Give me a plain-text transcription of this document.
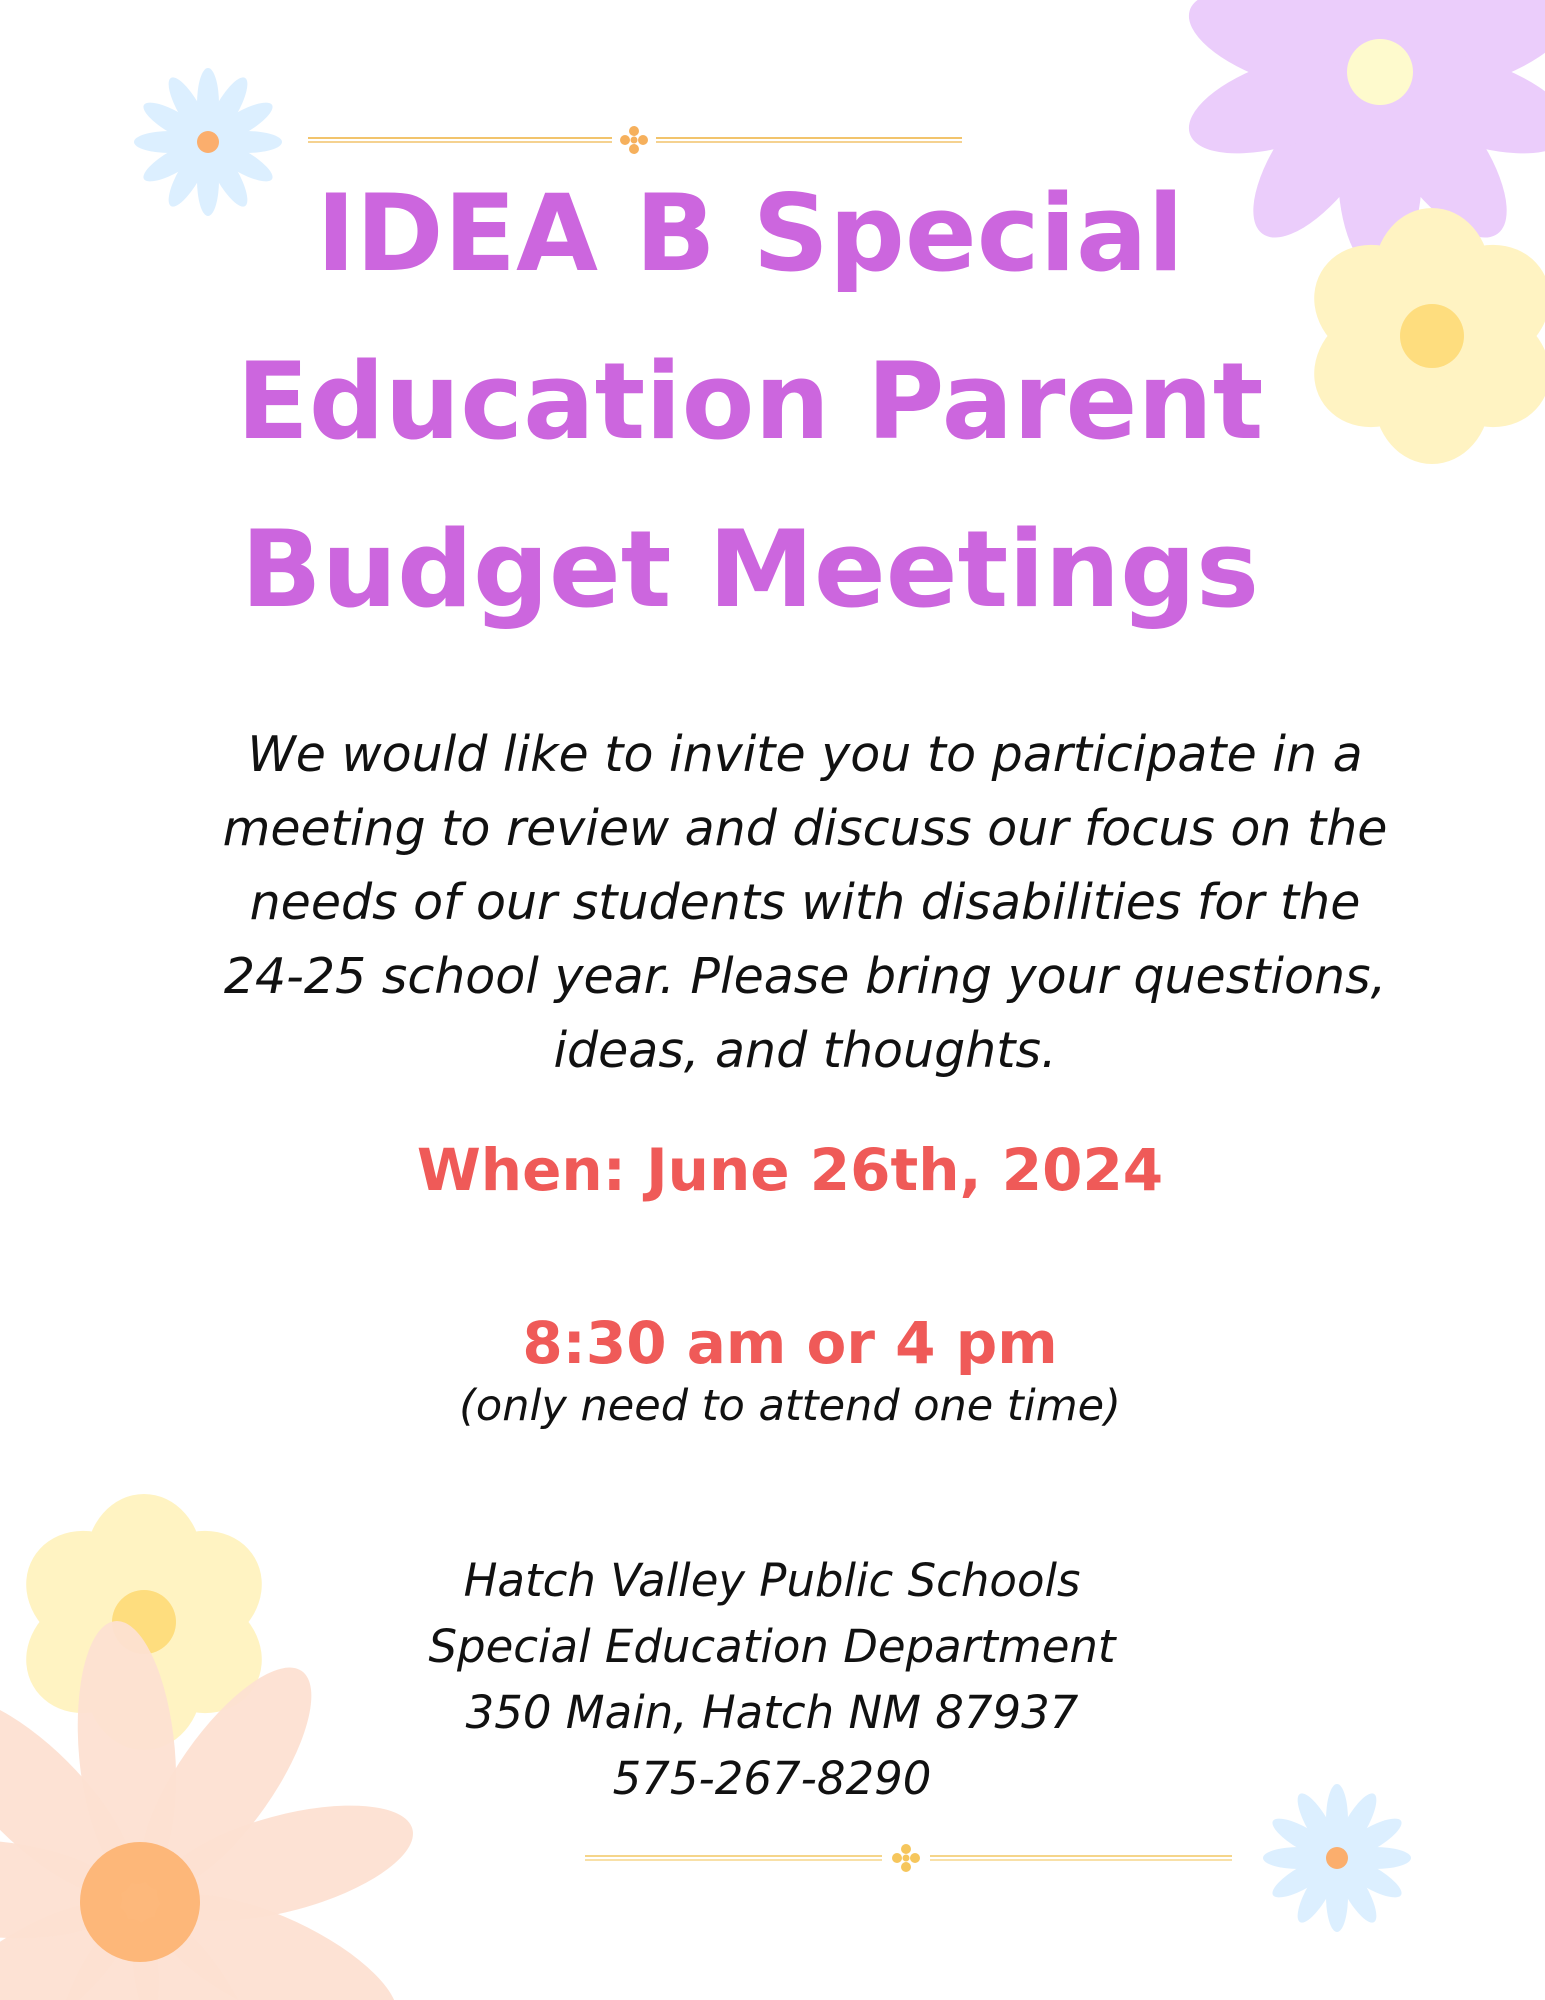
IDEA B Special
Education Parent
Budget Meetings

We would like to invite you to participate in a
meeting to review and discuss our focus on the
needs of our students with disabilities for the
24-25 school year. Please bring your questions,
ideas, and thoughts.

When: June 26th, 2024
8:30 am or 4 pm
(only need to attend one time)
Hatch Valley Public Schools
Special Education Department
350 Main, Hatch NM 87937
575-267-8290
